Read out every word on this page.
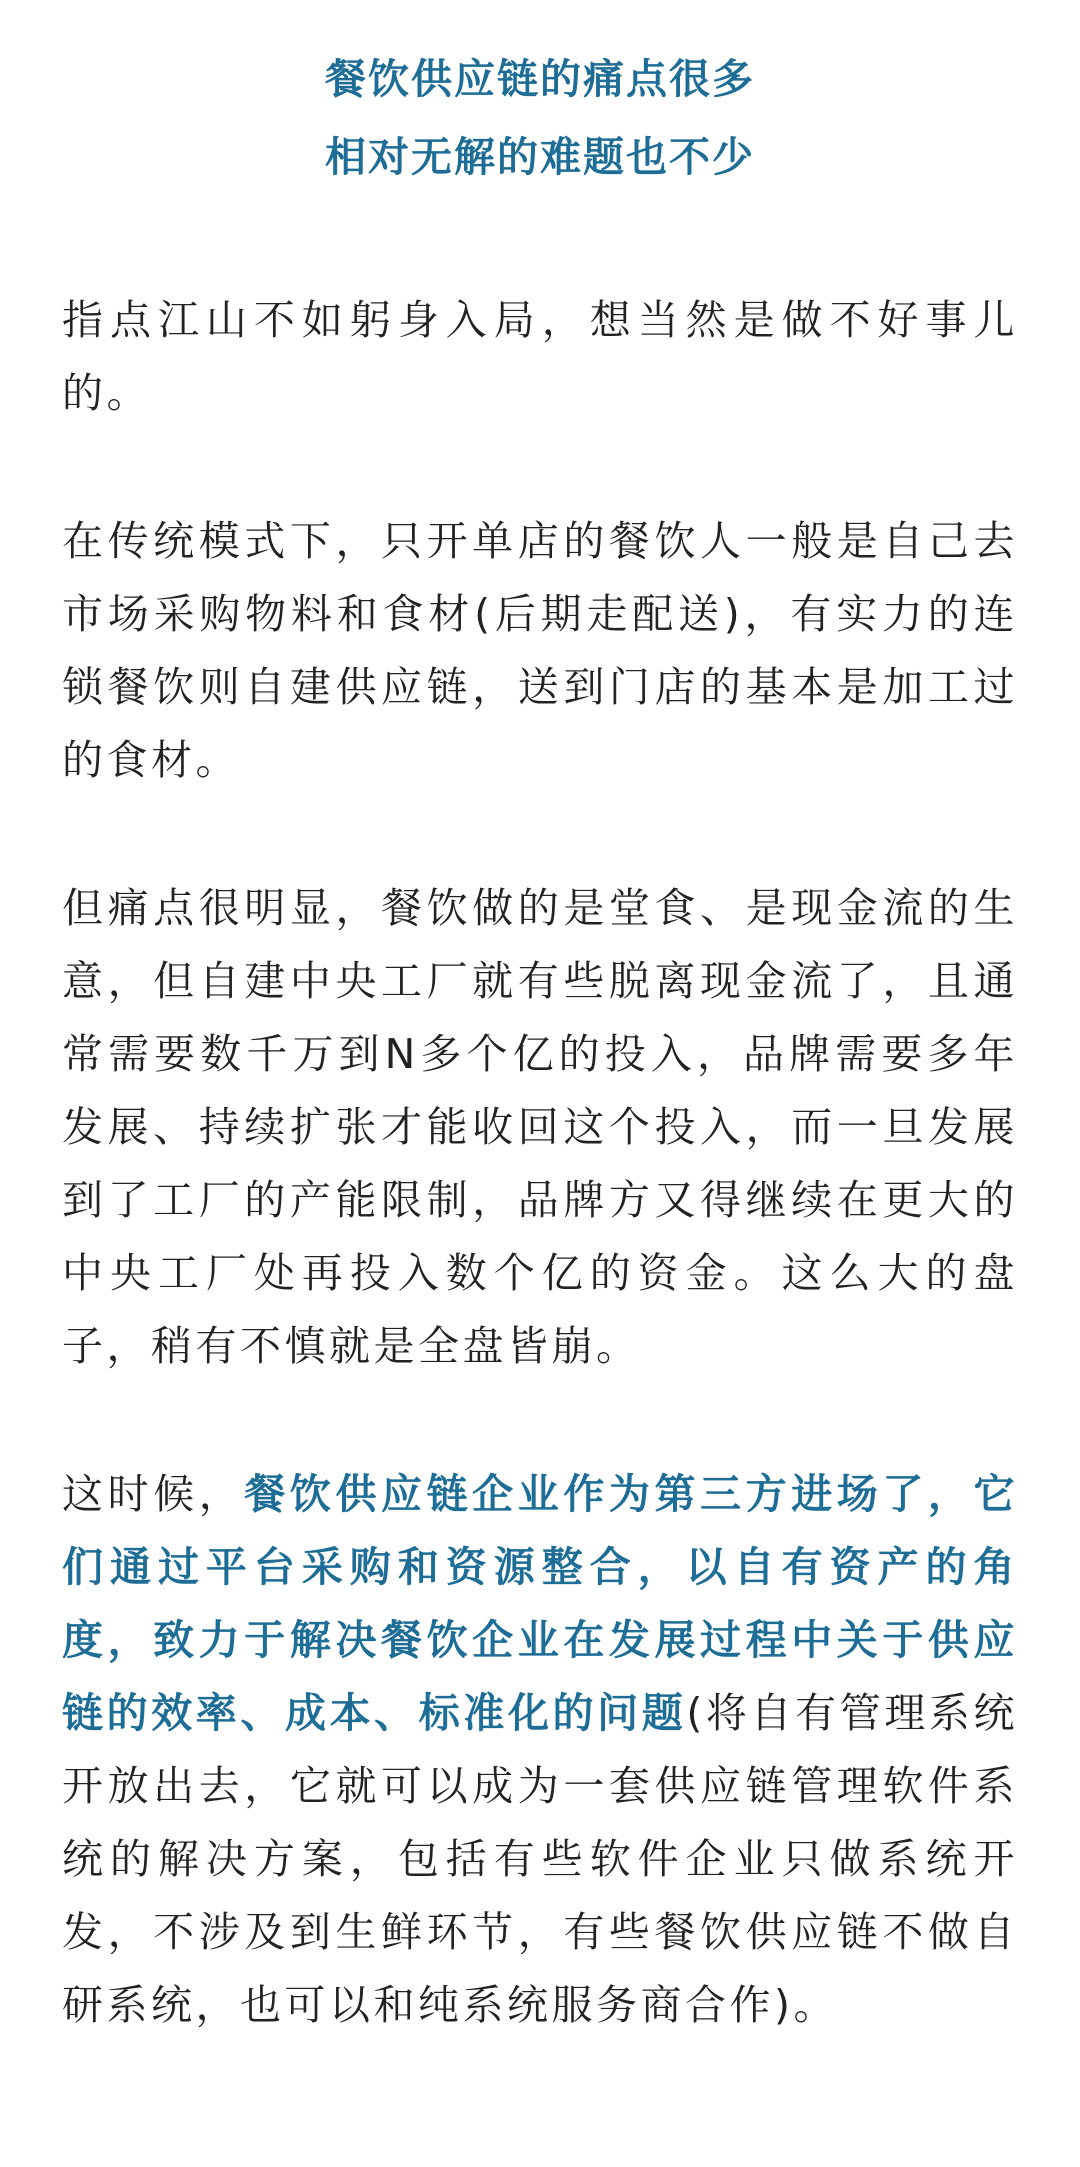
餐饮供应链的痛点很多
相对无解的难题也不少

指点江山不如躬身入局，想当然是做不好事儿的。

在传统模式下，只开单店的餐饮人一般是自己去市场采购物料和食材(后期走配送)，有实力的连锁餐饮则自建供应链，送到门店的基本是加工过的食材。

但痛点很明显，餐饮做的是堂食、是现金流的生意，但自建中央工厂就有些脱离现金流了，且通常需要数千万到N多个亿的投入，品牌需要多年发展、持续扩张才能收回这个投入，而一旦发展到了工厂的产能限制，品牌方又得继续在更大的中央工厂处再投入数个亿的资金。这么大的盘子，稍有不慎就是全盘皆崩。

这时候，餐饮供应链企业作为第三方进场了，它们通过平台采购和资源整合，以自有资产的角度，致力于解决餐饮企业在发展过程中关于供应链的效率、成本、标准化的问题(将自有管理系统开放出去，它就可以成为一套供应链管理软件系统的解决方案，包括有些软件企业只做系统开发，不涉及到生鲜环节，有些餐饮供应链不做自研系统，也可以和纯系统服务商合作)。
